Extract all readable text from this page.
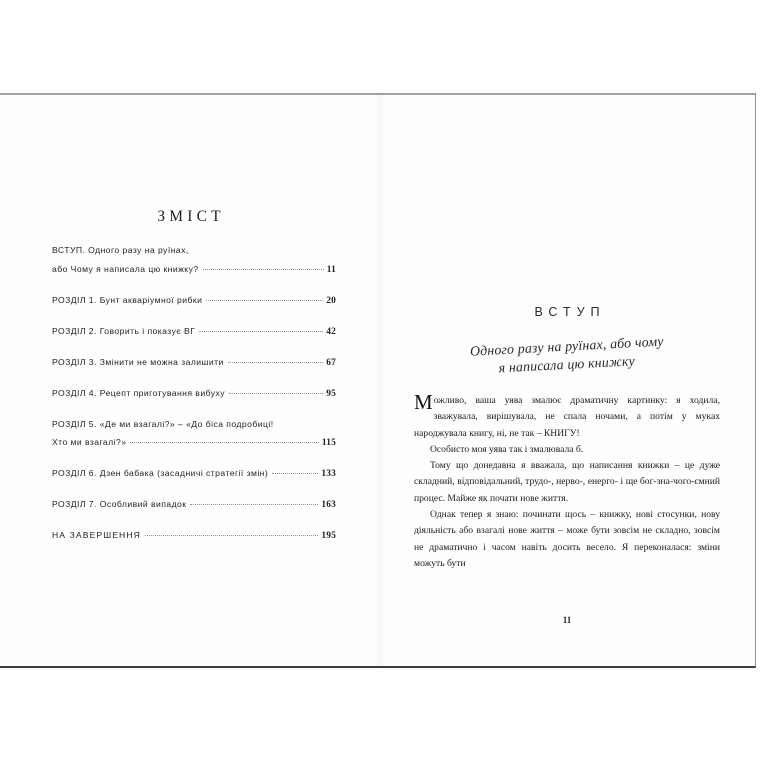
ЗМІСТ
ВСТУП. Одного разу на руїнах,
або Чому я написала цю книжку?	11
РОЗДІЛ 1. Бунт акваріумної рибки	20
РОЗДІЛ 2. Говорить і показує ВГ	42
РОЗДІЛ 3. Змінити не можна залишити	67
РОЗДІЛ 4. Рецепт приготування вибуху	95
РОЗДІЛ 5. «Де ми взагалі?» – «До біса подробиці!
Хто ми взагалі?»	115
РОЗДІЛ 6. Дзен бабака (засадничі стратегії змін)	133
РОЗДІЛ 7. Особливий випадок	163
НА ЗАВЕРШЕННЯ	195
ВСТУП
Одного разу на руїнах, або чому
я написала цю книжку

Можливо, ваша уява змалює драматичну картинку: я ходила, зважувала, вирішувала, не спала ночами, а потім у муках народжувала книгу, ні, не так – КНИГУ!

Особисто моя уява так і змалювала б.

Тому що донедавна я вважала, що написання книжки – це дуже складний, відповідальний, трудо-, нерво-, енерго- і ще бог-зна-чого-ємний процес. Майже як почати нове життя.

Однак тепер я знаю: починати щось – книжку, нові стосунки, нову діяльність або взагалі нове життя – може бути зовсім не складно, зовсім не драматично і часом навіть досить весело. Я переконалася: зміни можуть бути

11
